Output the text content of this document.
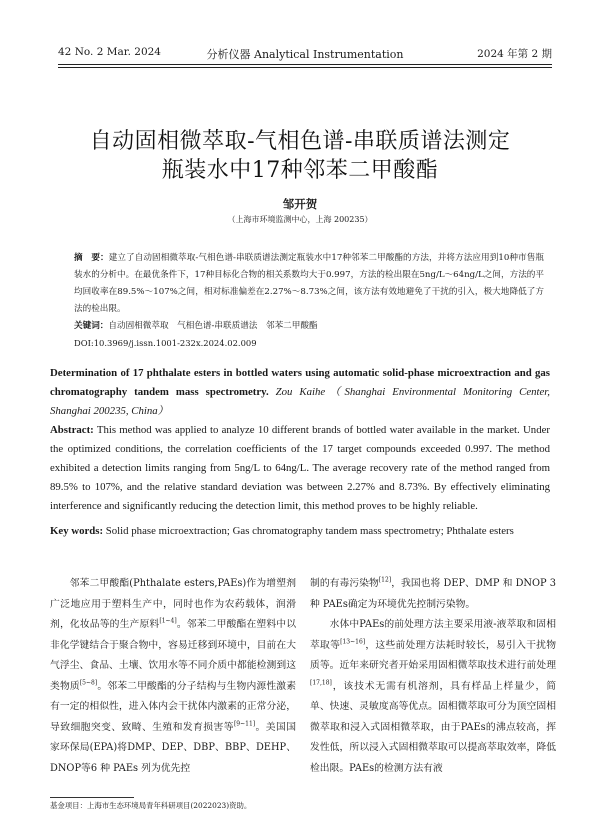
42 No. 2 Mar. 2024	分析仪器 Analytical Instrumentation	2024 年第 2 期
自动固相微萃取-气相色谱-串联质谱法测定
瓶装水中17种邻苯二甲酸酯
邹开贺
（上海市环境监测中心，上海 200235）

摘　要：建立了自动固相微萃取-气相色谱-串联质谱法测定瓶装水中17种邻苯二甲酸酯的方法，并将方法应用到10种市售瓶装水的分析中。在最优条件下，17种目标化合物的相关系数均大于0.997，方法的检出限在5ng/L～64ng/L之间，方法的平均回收率在89.5%～107%之间，相对标准偏差在2.27%～8.73%之间，该方法有效地避免了干扰的引入，极大地降低了方法的检出限。

关键词：自动固相微萃取　气相色谱-串联质谱法　邻苯二甲酸酯

DOI:10.3969/j.issn.1001-232x.2024.02.009

Determination of 17 phthalate esters in bottled waters using automatic solid-phase microextraction and gas chromatography tandem mass spectrometry. Zou Kaihe（Shanghai Environmental Monitoring Center, Shanghai 200235, China）
Abstract: This method was applied to analyze 10 different brands of bottled water available in the market. Under the optimized conditions, the correlation coefficients of the 17 target compounds exceeded 0.997. The method exhibited a detection limits ranging from 5ng/L to 64ng/L. The average recovery rate of the method ranged from 89.5% to 107%, and the relative standard deviation was between 2.27% and 8.73%. By effectively eliminating interference and significantly reducing the detection limit, this method proves to be highly reliable.
Key words: Solid phase microextraction; Gas chromatography tandem mass spectrometry; Phthalate esters

邻苯二甲酸酯(Phthalate esters,PAEs)作为增塑剂广泛地应用于塑料生产中，同时也作为农药载体，润滑剂，化妆品等的生产原料[1~4]。邻苯二甲酸酯在塑料中以非化学键结合于聚合物中，容易迁移到环境中，目前在大气浮尘、食品、土壤、饮用水等不同介质中都能检测到这类物质[5~8]。邻苯二甲酸酯的分子结构与生物内源性激素有一定的相似性，进入体内会干扰体内激素的正常分泌，导致细胞突变、致畸、生殖和发育损害等[9~11]。美国国家环保局(EPA)将DMP、DEP、DBP、BBP、DEHP、DNOP等6 种 PAEs 列为优先控

制的有毒污染物[12]，我国也将 DEP、DMP 和 DNOP 3种 PAEs确定为环境优先控制污染物。

水体中PAEs的前处理方法主要采用液-液萃取和固相萃取等[13~16]，这些前处理方法耗时较长，易引入干扰物质等。近年来研究者开始采用固相微萃取技术进行前处理[17,18]，该技术无需有机溶剂，具有样品上样量少，简单、快速、灵敏度高等优点。固相微萃取可分为顶空固相微萃取和浸入式固相微萃取，由于PAEs的沸点较高，挥发性低，所以浸入式固相微萃取可以提高萃取效率，降低检出限。PAEs的检测方法有液

基金项目：上海市生态环境局青年科研项目(2022023)资助。
